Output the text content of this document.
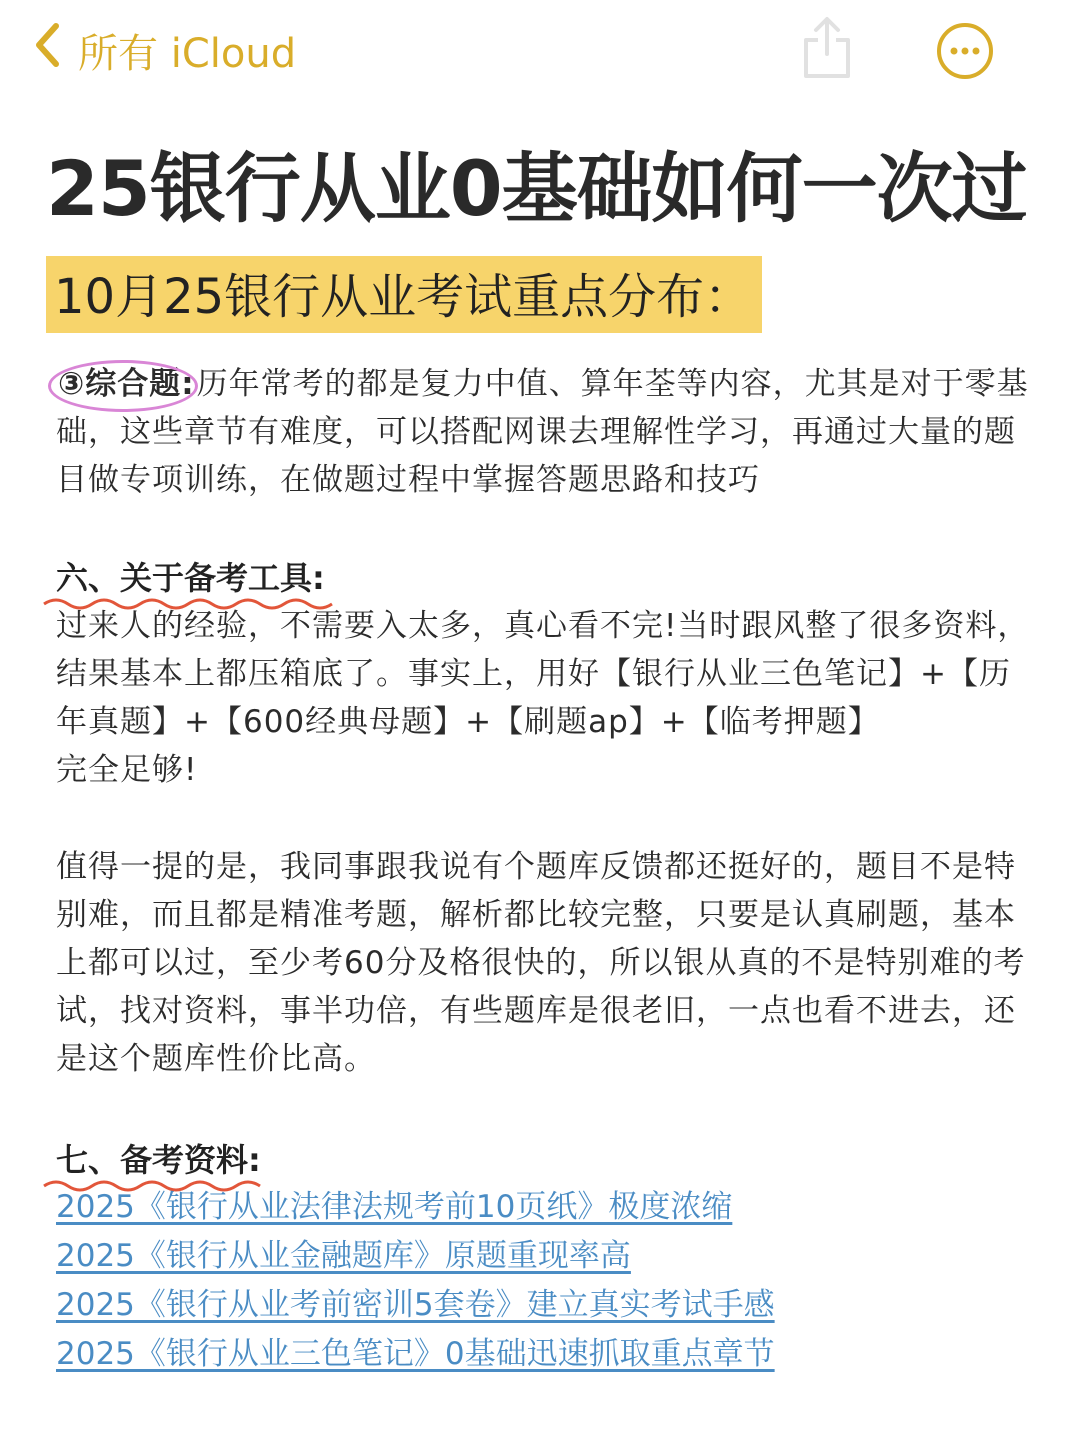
所有 iCloud
25银行从业0基础如何一次过
10月25银行从业考试重点分布：
③综合题:
历年常考的都是复力中值、算年荃等内容，尤其是对于零基础，这些章节有难度，可以搭配网课去理解性学习，再通过大量的题目做专项训练，在做题过程中掌握答题思路和技巧
六、关于备考工具:
过来人的经验，不需要入太多，真心看不完!当时跟风整了很多资料，结果基本上都压箱底了。事实上，用好【银行从业三色笔记】+【历年真题】+【600经典母题】+【刷题ap】+【临考押题】
完全足够!
值得一提的是，我同事跟我说有个题库反馈都还挺好的，题目不是特别难，而且都是精准考题，解析都比较完整，只要是认真刷题，基本上都可以过，至少考60分及格很快的，所以银从真的不是特别难的考试，找对资料，事半功倍，有些题库是很老旧，一点也看不进去，还是这个题库性价比高。
七、备考资料:
2025《银行从业法律法规考前10页纸》极度浓缩
2025《银行从业金融题库》原题重现率高
2025《银行从业考前密训5套卷》建立真实考试手感
2025《银行从业三色笔记》0基础迅速抓取重点章节
